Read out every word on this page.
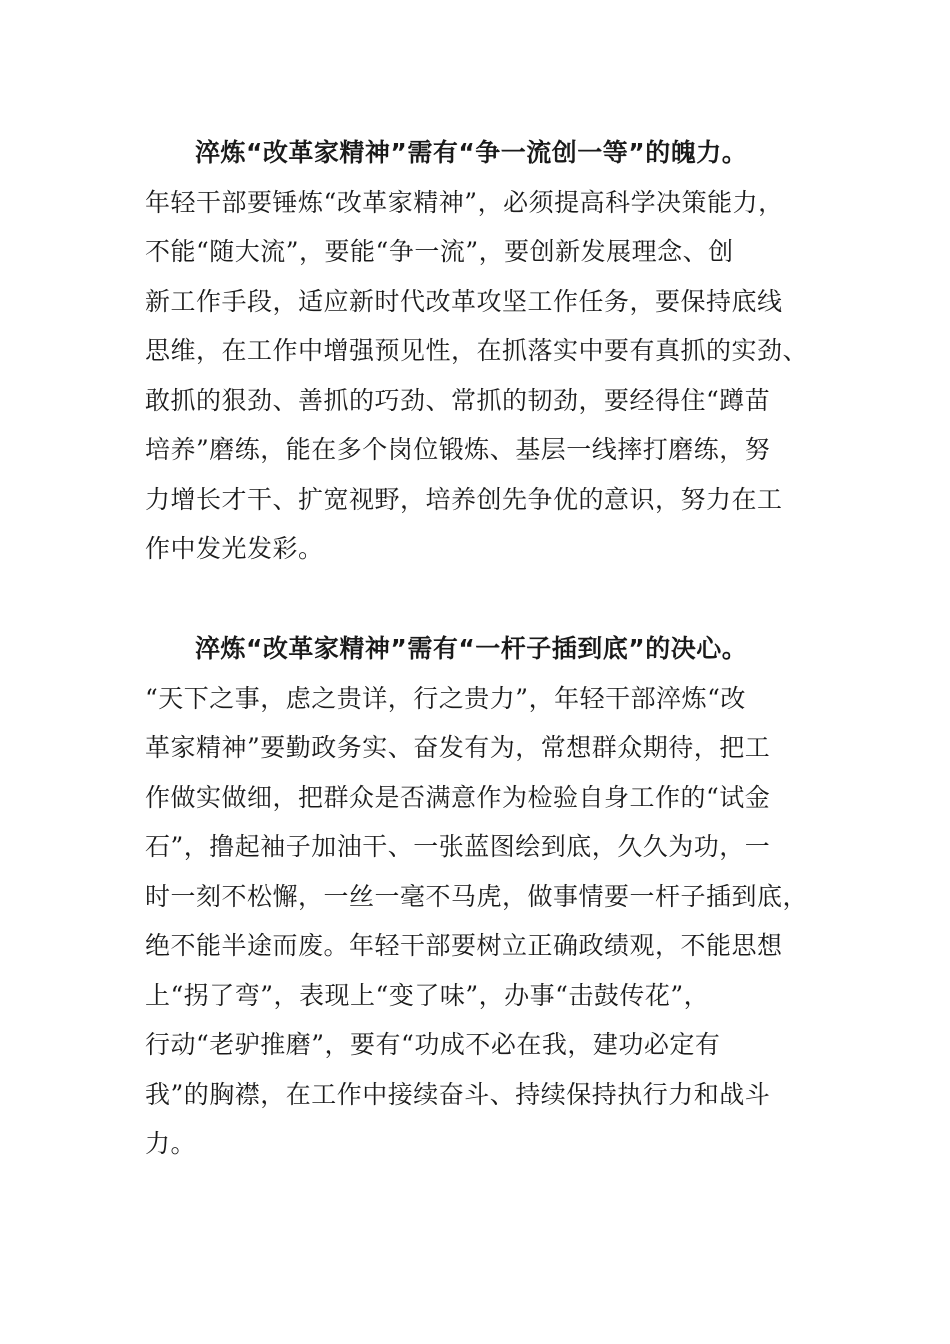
淬炼“改革家精神”需有“争一流创一等”的魄力。
年轻干部要锤炼“改革家精神”，必须提高科学决策能力，
不能“随大流”，要能“争一流”，要创新发展理念、创
新工作手段，适应新时代改革攻坚工作任务，要保持底线
思维，在工作中增强预见性，在抓落实中要有真抓的实劲、
敢抓的狠劲、善抓的巧劲、常抓的韧劲，要经得住“蹲苗
培养”磨练，能在多个岗位锻炼、基层一线摔打磨练，努
力增长才干、扩宽视野，培养创先争优的意识，努力在工
作中发光发彩。
淬炼“改革家精神”需有“一杆子插到底”的决心。
“天下之事，虑之贵详，行之贵力”，年轻干部淬炼“改
革家精神”要勤政务实、奋发有为，常想群众期待，把工
作做实做细，把群众是否满意作为检验自身工作的“试金
石”，撸起袖子加油干、一张蓝图绘到底，久久为功，一
时一刻不松懈，一丝一毫不马虎，做事情要一杆子插到底，
绝不能半途而废。年轻干部要树立正确政绩观，不能思想
上“拐了弯”，表现上“变了味”，办事“击鼓传花”，
行动“老驴推磨”，要有“功成不必在我，建功必定有
我”的胸襟，在工作中接续奋斗、持续保持执行力和战斗
力。
